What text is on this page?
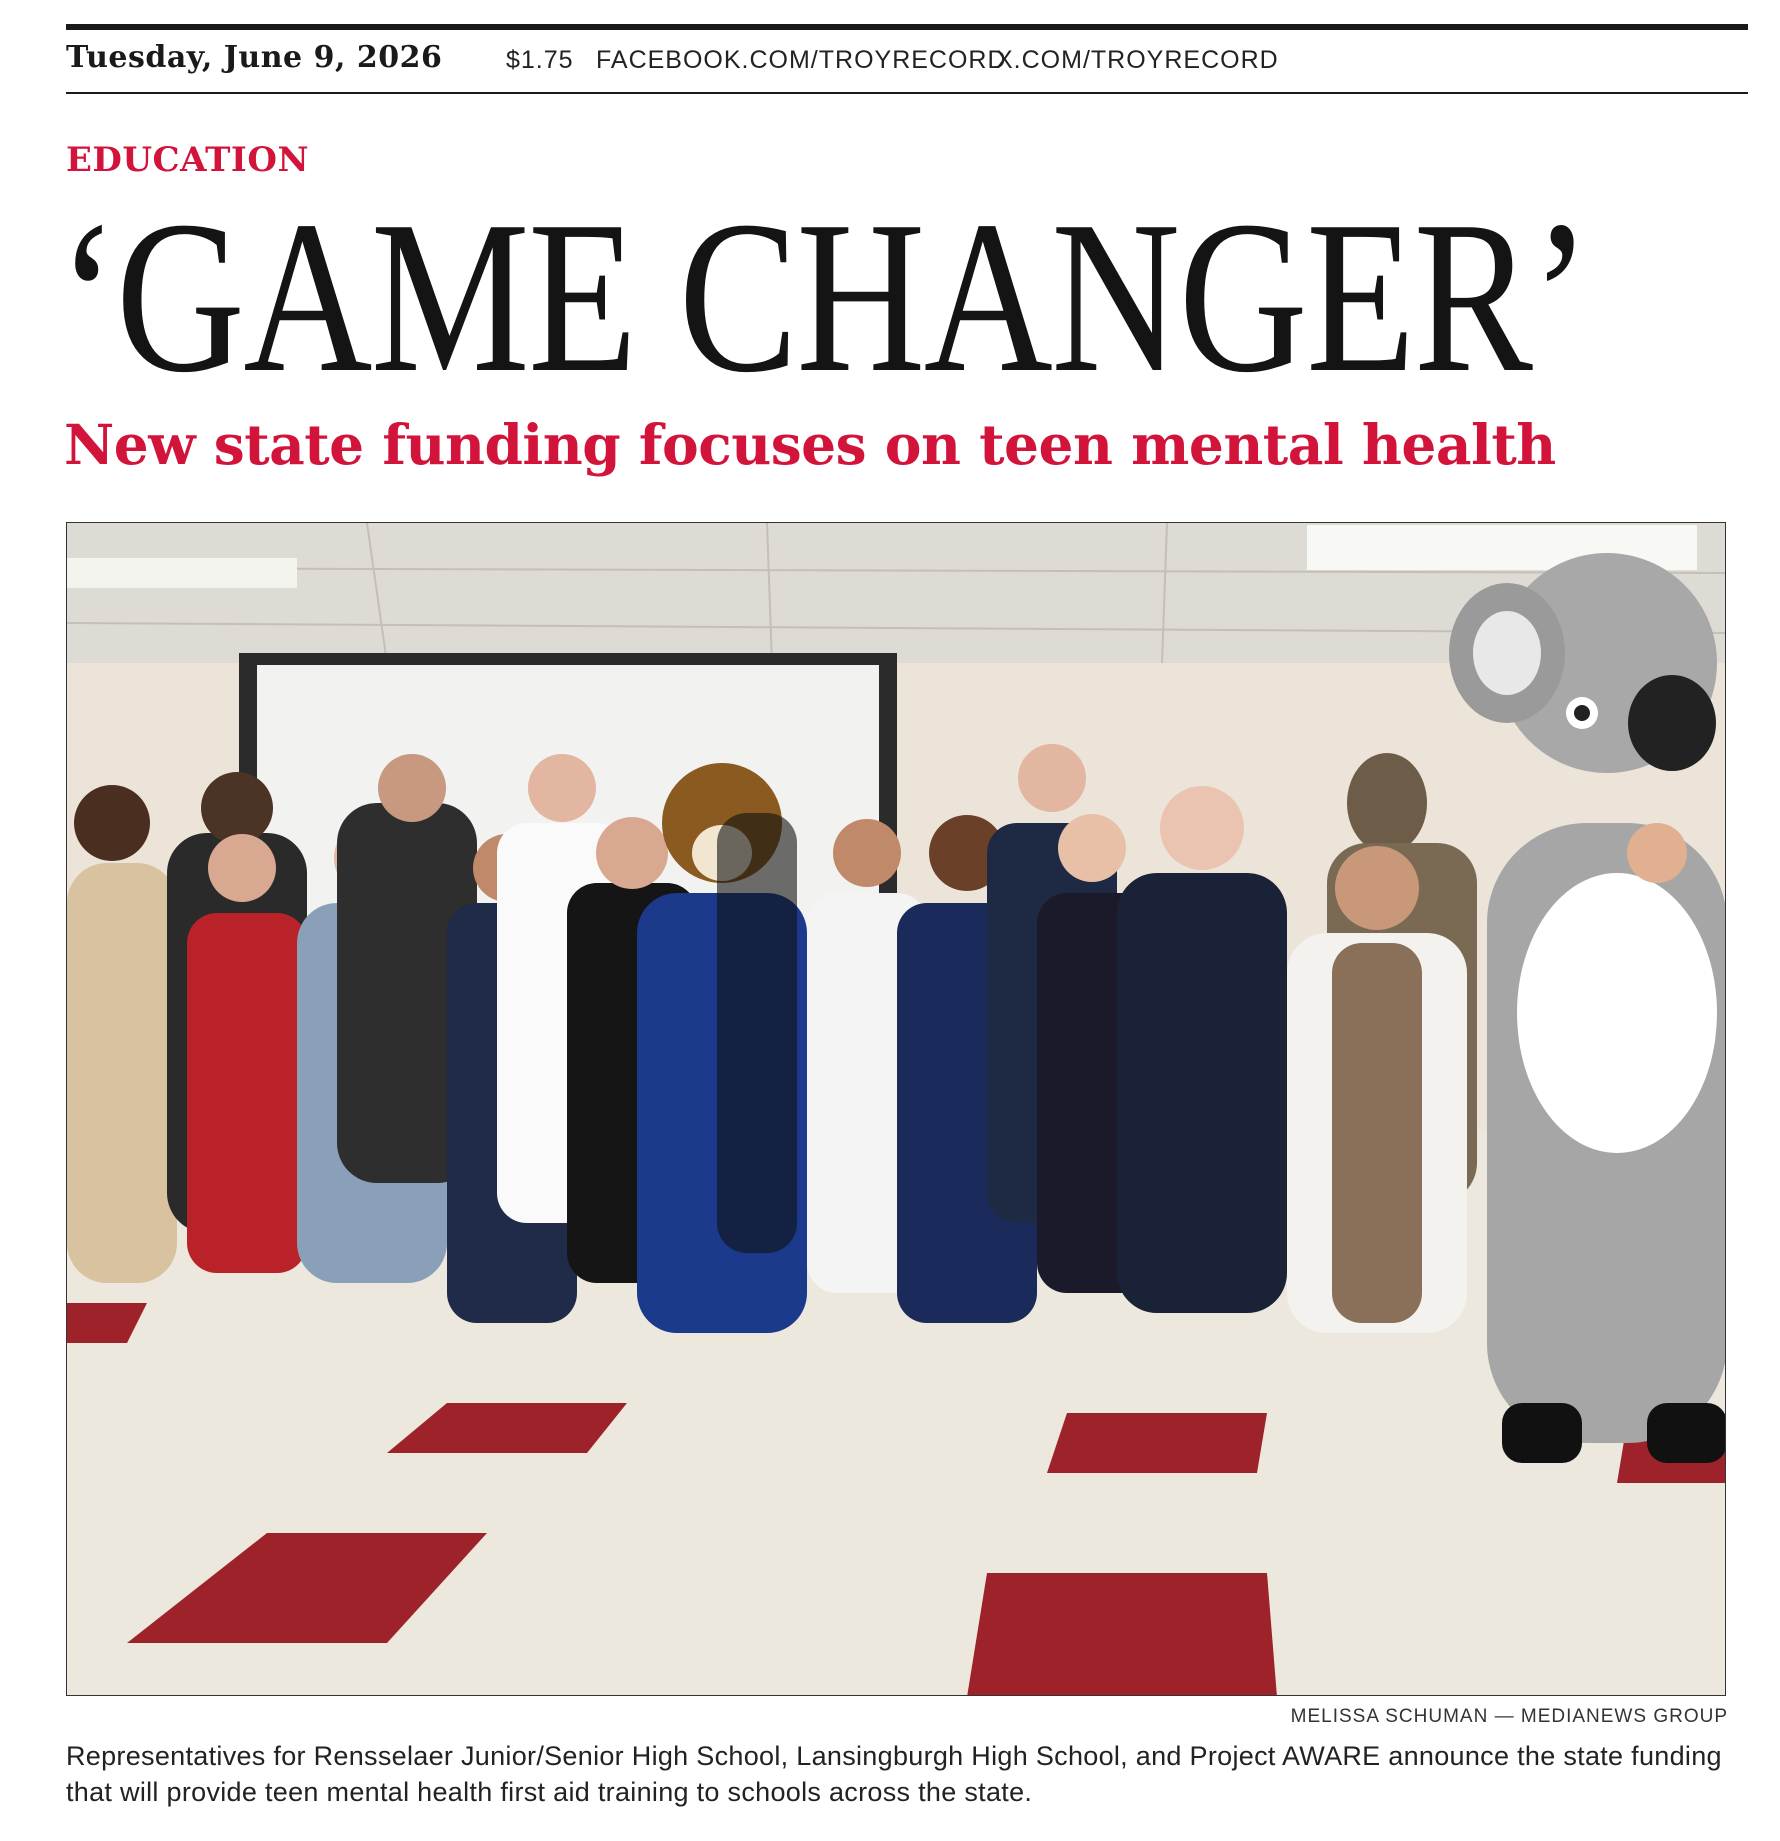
Tuesday, June 9, 2026	$1.75 FACEBOOK.COM/TROYRECORD
X.COM/TROYRECORD
EDUCATION
‘GAME CHANGER’
New state funding focuses on teen mental health
MELISSA SCHUMAN — MEDIANEWS GROUP
Representatives for Rensselaer Junior/Senior High School, Lansingburgh High School, and Project AWARE announce the state funding that will provide teen mental health first aid training to schools across the state.
